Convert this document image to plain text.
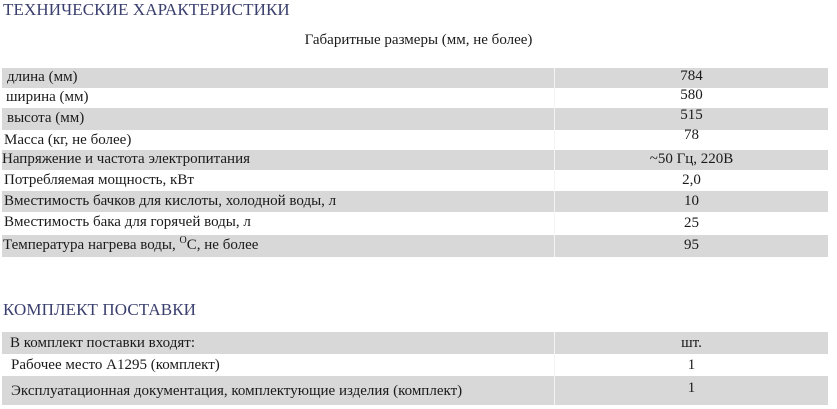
ТЕХНИЧЕСКИЕ ХАРАКТЕРИСТИКИ
Габаритные размеры (мм, не более)
длина (мм)	784
ширина (мм)	580
высота (мм)	515
Масса (кг, не более)	78
Напряжение и частота электропитания	~50 Гц, 220В
Потребляемая мощность, кВт	2,0
Вместимость бачков для кислоты, холодной воды, л	10
Вместимость бака для горячей воды, л	25
Температура нагрева воды, $^О$С, не более	95
КОМПЛЕКТ ПОСТАВКИ
В комплект поставки входят:	шт.
Рабочее место А1295 (комплект)	1
Эксплуатационная документация, комплектующие изделия (комплект)	1
